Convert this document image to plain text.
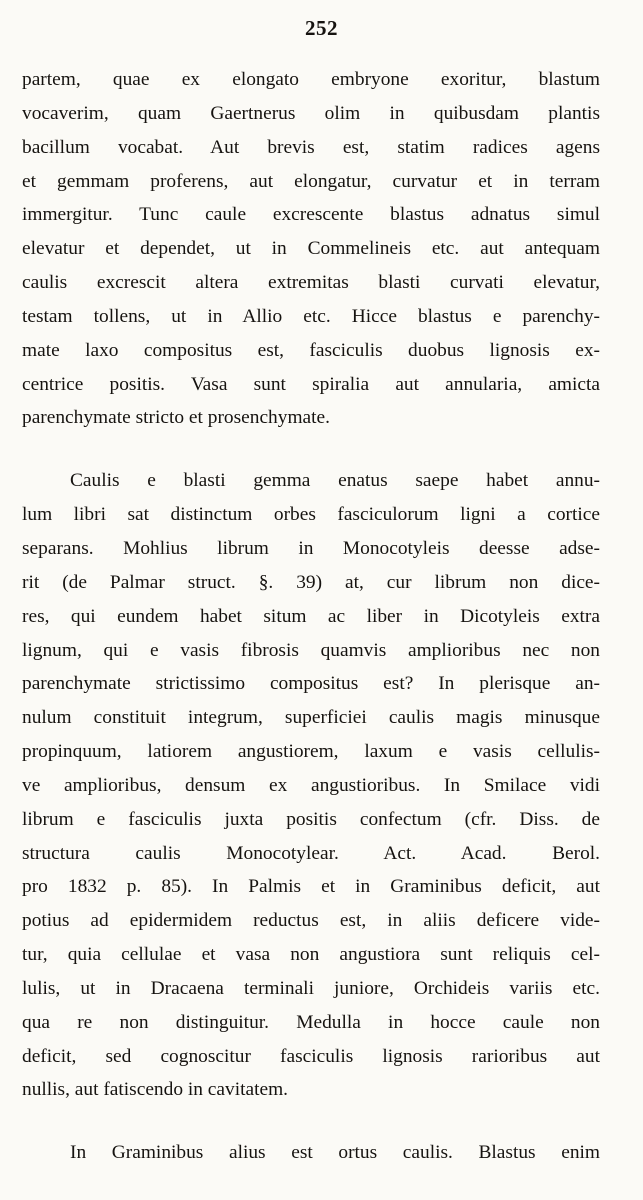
252
partem, quae ex elongato embryone exoritur, blastum
vocaverim, quam Gaertnerus olim in quibusdam plantis
bacillum vocabat. Aut brevis est, statim radices agens
et gemmam proferens, aut elongatur, curvatur et in terram
immergitur. Tunc caule excrescente blastus adnatus simul
elevatur et dependet, ut in Commelineis etc. aut antequam
caulis excrescit altera extremitas blasti curvati elevatur,
testam tollens, ut in Allio etc. Hicce blastus e parenchy-
mate laxo compositus est, fasciculis duobus lignosis ex-
centrice positis. Vasa sunt spiralia aut annularia, amicta
parenchymate stricto et prosenchymate.
Caulis e blasti gemma enatus saepe habet annu-
lum libri sat distinctum orbes fasciculorum ligni a cortice
separans. Mohlius librum in Monocotyleis deesse adse-
rit (de Palmar struct. §. 39) at, cur librum non dice-
res, qui eundem habet situm ac liber in Dicotyleis extra
lignum, qui e vasis fibrosis quamvis amplioribus nec non
parenchymate strictissimo compositus est? In plerisque an-
nulum constituit integrum, superficiei caulis magis minusque
propinquum, latiorem angustiorem, laxum e vasis cellulis-
ve amplioribus, densum ex angustioribus. In Smilace vidi
librum e fasciculis juxta positis confectum (cfr. Diss. de
structura caulis Monocotylear. Act. Acad. Berol.
pro 1832 p. 85). In Palmis et in Graminibus deficit, aut
potius ad epidermidem reductus est, in aliis deficere vide-
tur, quia cellulae et vasa non angustiora sunt reliquis cel-
lulis, ut in Dracaena terminali juniore, Orchideis variis etc.
qua re non distinguitur. Medulla in hocce caule non
deficit, sed cognoscitur fasciculis lignosis rarioribus aut
nullis, aut fatiscendo in cavitatem.
In Graminibus alius est ortus caulis. Blastus enim
